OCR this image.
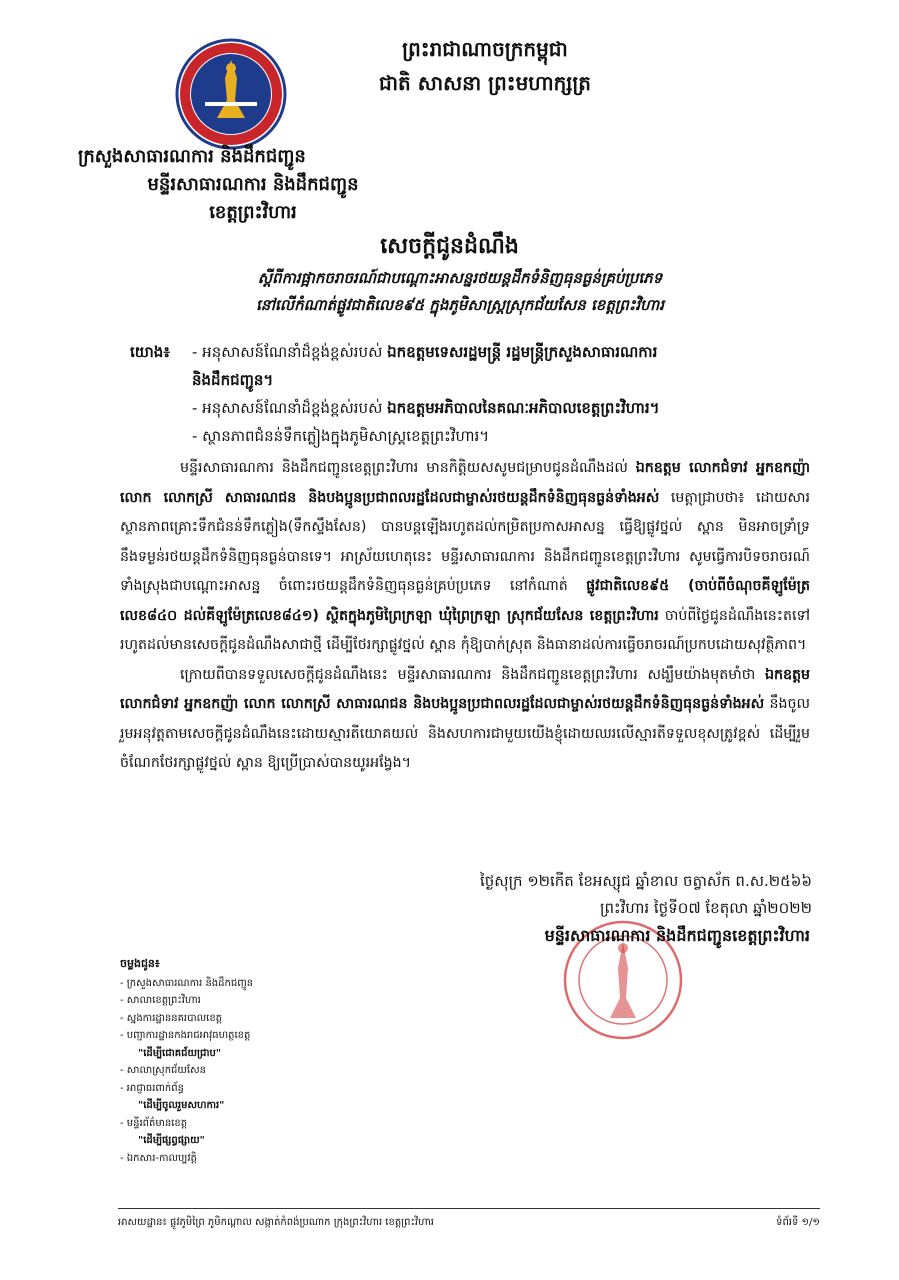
ព្រះរាជាណាចក្រកម្ពុជា
ជាតិ សាសនា ព្រះមហាក្សត្រ
ក្រសួងសាធារណការ និងដឹកជញ្ជូន
មន្ទីរសាធារណការ និងដឹកជញ្ជូន
ខេត្តព្រះវិហារ
សេចក្ដីជូនដំណឹង
ស្ដីពីការផ្អាកចរាចរណ៍ជាបណ្ដោះអាសន្នរថយន្ដដឹកទំនិញធុនធ្ងន់គ្រប់ប្រភេទ
នៅលើកំណាត់ផ្លូវជាតិលេខ៩៥ ក្នុងភូមិសាស្ត្រស្រុកជ័យសែន ខេត្តព្រះវិហារ
យោង៖	- អនុសាសន៍ណែនាំដ៏ខ្ពង់ខ្ពស់របស់ ឯកឧត្ដមទេសរដ្ឋមន្ត្រី រដ្ឋមន្ត្រីក្រសួងសាធារណការ
និងដឹកជញ្ជូន។
- អនុសាសន៍ណែនាំដ៏ខ្ពង់ខ្ពស់របស់ ឯកឧត្ដមអភិបាលនៃគណៈអភិបាលខេត្តព្រះវិហារ។
- ស្ថានភាពជំនន់ទឹកភ្លៀងក្នុងភូមិសាស្ត្រខេត្តព្រះវិហារ។

មន្ទីរសាធារណការ និងដឹកជញ្ជូនខេត្តព្រះវិហារ មានកិត្តិយសសូមជម្រាបជូនដំណឹងដល់ ឯកឧត្តម លោកជំទាវ អ្នកឧកញ៉ា លោក លោកស្រី សាធារណជន និងបងប្អូនប្រជាពលរដ្ឋដែលជាម្ចាស់រថយន្ដដឹកទំនិញធុនធ្ងន់ទាំងអស់ មេត្តាជ្រាបថា៖ ដោយសារស្ថានភាពគ្រោះទឹកជំនន់ទឹកភ្លៀង(ទឹកស្ទឹងសែន) បានបន្តឡើងរហូតដល់កម្រិតប្រកាសអាសន្ន ធ្វើឱ្យផ្លូវថ្នល់ ស្ពាន មិនអាចទ្រាំទ្រនឹងទម្ងន់រថយន្តដឹកទំនិញធុនធ្ងន់បានទេ។ អាស្រ័យហេតុនេះ មន្ទីរសាធារណការ និងដឹកជញ្ជូនខេត្តព្រះវិហារ សូមធ្វើការបិទចរាចរណ៍ទាំងស្រុងជាបណ្ដោះអាសន្ន ចំពោះរថយន្តដឹកទំនិញធុនធ្ងន់គ្រប់ប្រភេទ នៅកំណាត់ ផ្លូវជាតិលេខ៩៥ (ចាប់ពីចំណុចគីឡូម៉ែត្រលេខ៨៤០ ដល់គីឡូម៉ែត្រលេខ៨៤១) ស្ថិតក្នុងភូមិព្រៃក្រឡា ឃុំព្រៃក្រឡា ស្រុកជ័យសែន ខេត្តព្រះវិហារ ចាប់ពីថ្ងៃជូនដំណឹងនេះតទៅ រហូតដល់មានសេចក្ដីជូនដំណឹងសាជាថ្មី ដើម្បីថែរក្សាផ្លូវថ្នល់ ស្ពាន កុំឱ្យបាក់ស្រុត និងធានាដល់ការធ្វើចរាចរណ៍ប្រកបដោយសុវត្ថិភាព។

ក្រោយពីបានទទួលសេចក្ដីជូនដំណឹងនេះ មន្ទីរសាធារណការ និងដឹកជញ្ជូនខេត្តព្រះវិហារ សង្ឃឹមយ៉ាងមុតមាំថា ឯកឧត្តម លោកជំទាវ អ្នកឧកញ៉ា លោក លោកស្រី សាធារណជន និងបងប្អូនប្រជាពលរដ្ឋដែលជាម្ចាស់រថយន្តដឹកទំនិញធុនធ្ងន់ទាំងអស់ នឹងចូលរួមអនុវត្តតាមសេចក្ដីជូនដំណឹងនេះដោយស្មារតីយោគយល់ និងសហការជាមួយយើងខ្ញុំដោយឈរលើស្មារតីទទួលខុសត្រូវខ្ពស់ ដើម្បីរួមចំណែកថែរក្សាផ្លូវថ្នល់ ស្ពាន ឱ្យប្រើប្រាស់បានយូរអង្វែង។

ថ្ងៃសុក្រ ១២កើត ខែអស្សុជ ឆ្នាំខាល ចត្វាស័ក ព.ស.២៥៦៦
ព្រះវិហារ ថ្ងៃទី០៧ ខែតុលា ឆ្នាំ២០២២
មន្ទីរសាធារណការ និងដឹកជញ្ជូនខេត្តព្រះវិហារ
ចម្លងជូន៖
- ក្រសួងសាធារណការ និងដឹកជញ្ជូន
- សាលាខេត្តព្រះវិហារ
- ស្នងការដ្ឋាននគរបាលខេត្ត
- បញ្ជាការដ្ឋានកងរាជអាវុធហត្ថខេត្ត
"ដើម្បីជោគជ័យជ្រាប"
- សាលាស្រុកជ័យសែន
- អាជ្ញាធរពាក់ព័ន្ធ
"ដើម្បីចូលរួមសហការ"
- មន្ទីរព័ត៌មានខេត្ត
"ដើម្បីផ្សព្វផ្សាយ"
- ឯកសារ-កាលប្បវត្តិ
អាសយដ្ឋាន៖ ផ្លូវភូមិព្រៃ ភូមិកណ្ដាល សង្កាត់កំពង់ប្រណាក ក្រុងព្រះវិហារ ខេត្តព្រះវិហារ	ទំព័រទី ១/១
